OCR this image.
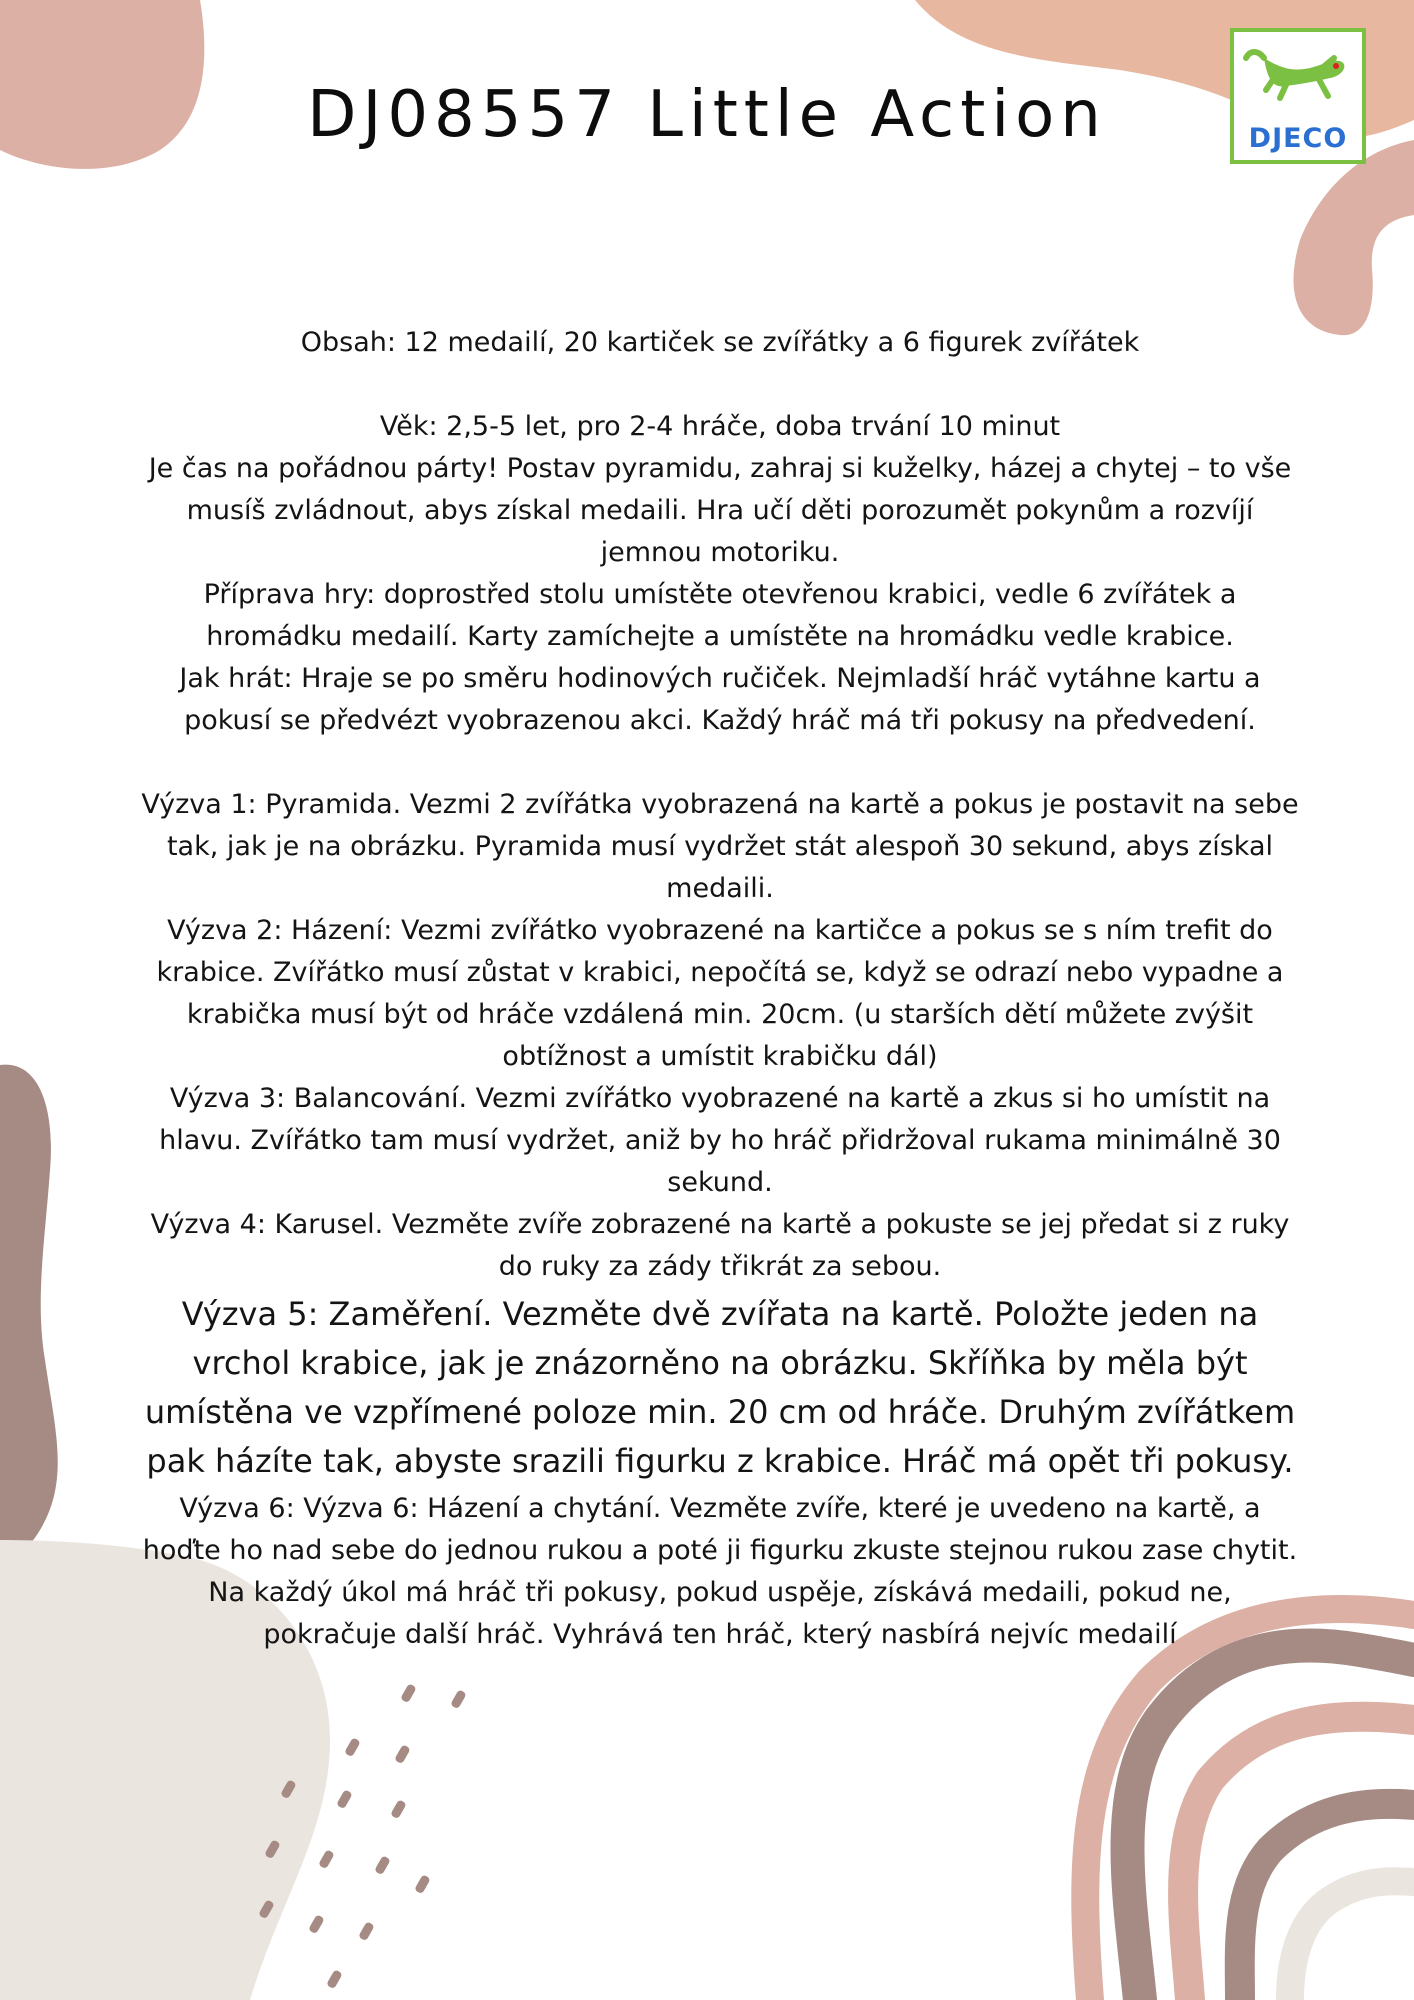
DJ08557 Little Action	DJECO

Obsah: 12 medailí, 20 kartiček se zvířátky a 6 figurek zvířátek

Věk: 2,5-5 let, pro 2-4 hráče, doba trvání 10 minut

Je čas na pořádnou párty! Postav pyramidu, zahraj si kuželky, házej a chytej – to vše musíš zvládnout, abys získal medaili. Hra učí děti porozumět pokynům a rozvíjí jemnou motoriku.

Příprava hry: doprostřed stolu umístěte otevřenou krabici, vedle 6 zvířátek a hromádku medailí. Karty zamíchejte a umístěte na hromádku vedle krabice.

Jak hrát: Hraje se po směru hodinových ručiček. Nejmladší hráč vytáhne kartu a pokusí se předvézt vyobrazenou akci. Každý hráč má tři pokusy na předvedení.

Výzva 1: Pyramida. Vezmi 2 zvířátka vyobrazená na kartě a pokus je postavit na sebe tak, jak je na obrázku. Pyramida musí vydržet stát alespoň 30 sekund, abys získal medaili.

Výzva 2: Házení: Vezmi zvířátko vyobrazené na kartičce a pokus se s ním trefit do krabice. Zvířátko musí zůstat v krabici, nepočítá se, když se odrazí nebo vypadne a krabička musí být od hráče vzdálená min. 20cm. (u starších dětí můžete zvýšit obtížnost a umístit krabičku dál)

Výzva 3: Balancování. Vezmi zvířátko vyobrazené na kartě a zkus si ho umístit na hlavu. Zvířátko tam musí vydržet, aniž by ho hráč přidržoval rukama minimálně 30 sekund.

Výzva 4: Karusel. Vezměte zvíře zobrazené na kartě a pokuste se jej předat si z ruky do ruky za zády třikrát za sebou.

Výzva 5: Zaměření. Vezměte dvě zvířata na kartě. Položte jeden na vrchol krabice, jak je znázorněno na obrázku. Skříňka by měla být umístěna ve vzpřímené poloze min. 20 cm od hráče. Druhým zvířátkem pak házíte tak, abyste srazili figurku z krabice. Hráč má opět tři pokusy.

Výzva 6: Výzva 6: Házení a chytání. Vezměte zvíře, které je uvedeno na kartě, a hoďte ho nad sebe do jednou rukou a poté ji figurku zkuste stejnou rukou zase chytit.

Na každý úkol má hráč tři pokusy, pokud uspěje, získává medaili, pokud ne, pokračuje další hráč. Vyhrává ten hráč, který nasbírá nejvíc medailí
